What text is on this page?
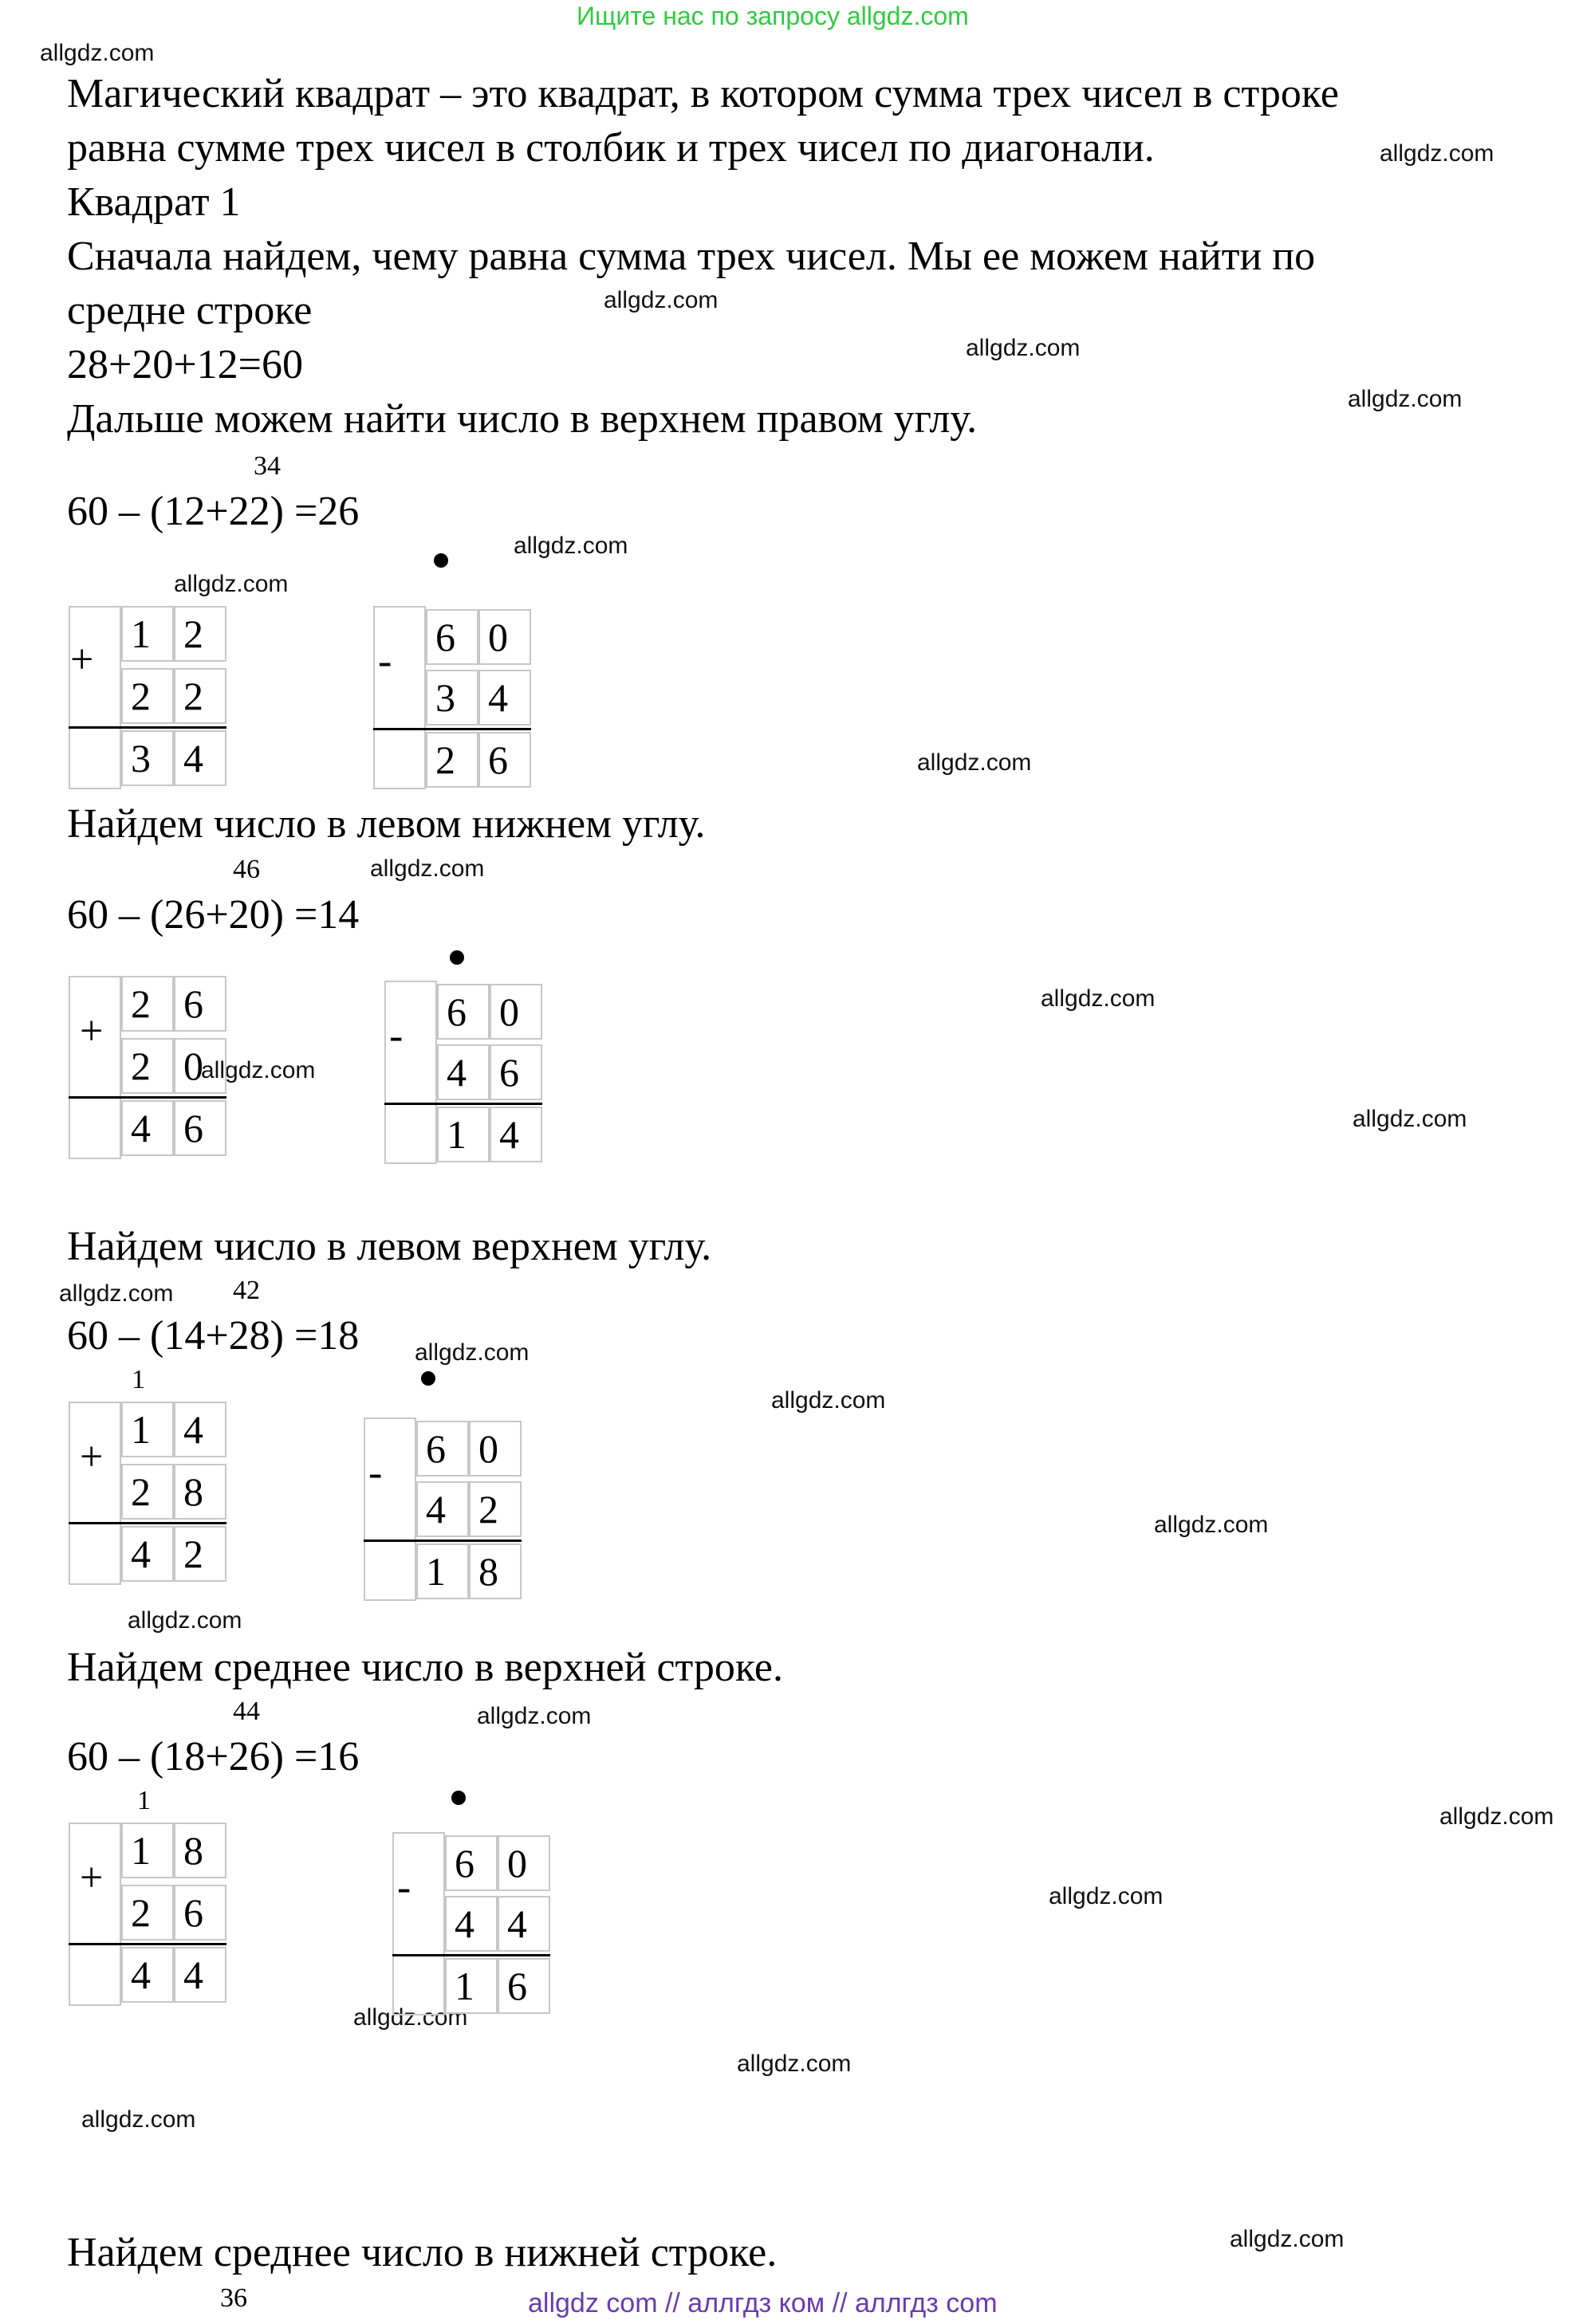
Ищите нас по запросу allgdz.com
allgdz.com
allgdz.com
allgdz.com
allgdz.com
allgdz.com
allgdz.com
allgdz.com
allgdz.com
allgdz.com
allgdz.com
allgdz.com
allgdz.com
allgdz.com
allgdz.com
allgdz.com
allgdz.com
allgdz.com
allgdz.com
allgdz.com
allgdz.com
allgdz.com
allgdz.com
allgdz.com
allgdz.com
Магический квадрат – это квадрат, в котором сумма трех чисел в строке
равна сумме трех чисел в столбик и трех чисел по диагонали.
Квадрат 1
Сначала найдем, чему равна сумма трех чисел. Мы ее можем найти по
средне строке
28+20+12=60
Дальше можем найти число в верхнем правом углу.
34
60 – (12+22) =26
Найдем число в левом нижнем углу.
46
60 – (26+20) =14
Найдем число в левом верхнем углу.
42
60 – (14+28) =18
Найдем среднее число в верхней строке.
44
60 – (18+26) =16
Найдем среднее число в нижней строке.
36
+
1 2
2 2
3 4
-
6 0
3 4
2 6
+
2 6
2 0
4 6
-
6 0
4 6
1 4
1
+
1 4
2 8
4 2
-
6 0
4 2
1 8
1
+
1 8
2 6
4 4
-
6 0
4 4
1 6
allgdz com // аллгдз ком // аллгдз com
